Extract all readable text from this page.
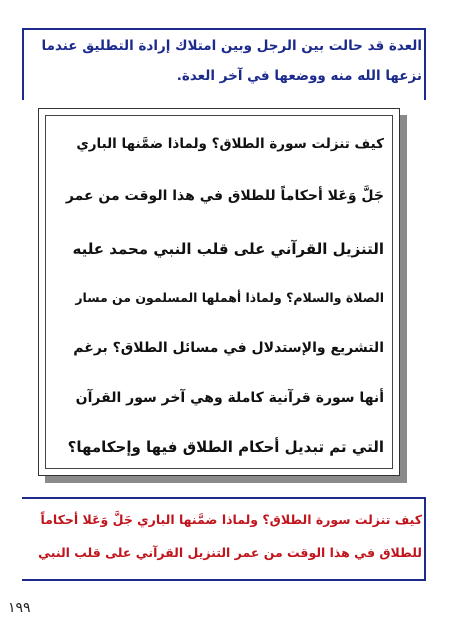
العدة قد حالت بين الرجل وبين امتلاك إرادة التطليق عندما
نزعها الله منه ووضعها في آخر العدة.
كيف تنزلت سورة الطلاق؟ ولماذا ضمَّنها الباري
جَلَّ وَعَلا أحكاماً للطلاق في هذا الوقت من عمر
التنزيل القرآني على قلب النبي محمد عليه
الصلاة والسلام؟ ولماذا أهملها المسلمون من مسار
التشريع والإستدلال في مسائل الطلاق؟ برغم
أنها سورة قرآنية كاملة وهي آخر سور القرآن
التي تم تبديل أحكام الطلاق فيها وإحكامها؟
كيف تنزلت سورة الطلاق؟ ولماذا ضمَّنها الباري جَلَّ وَعَلا أحكاماً
للطلاق في هذا الوقت من عمر التنزيل القرآني على قلب النبي
١٩٩
